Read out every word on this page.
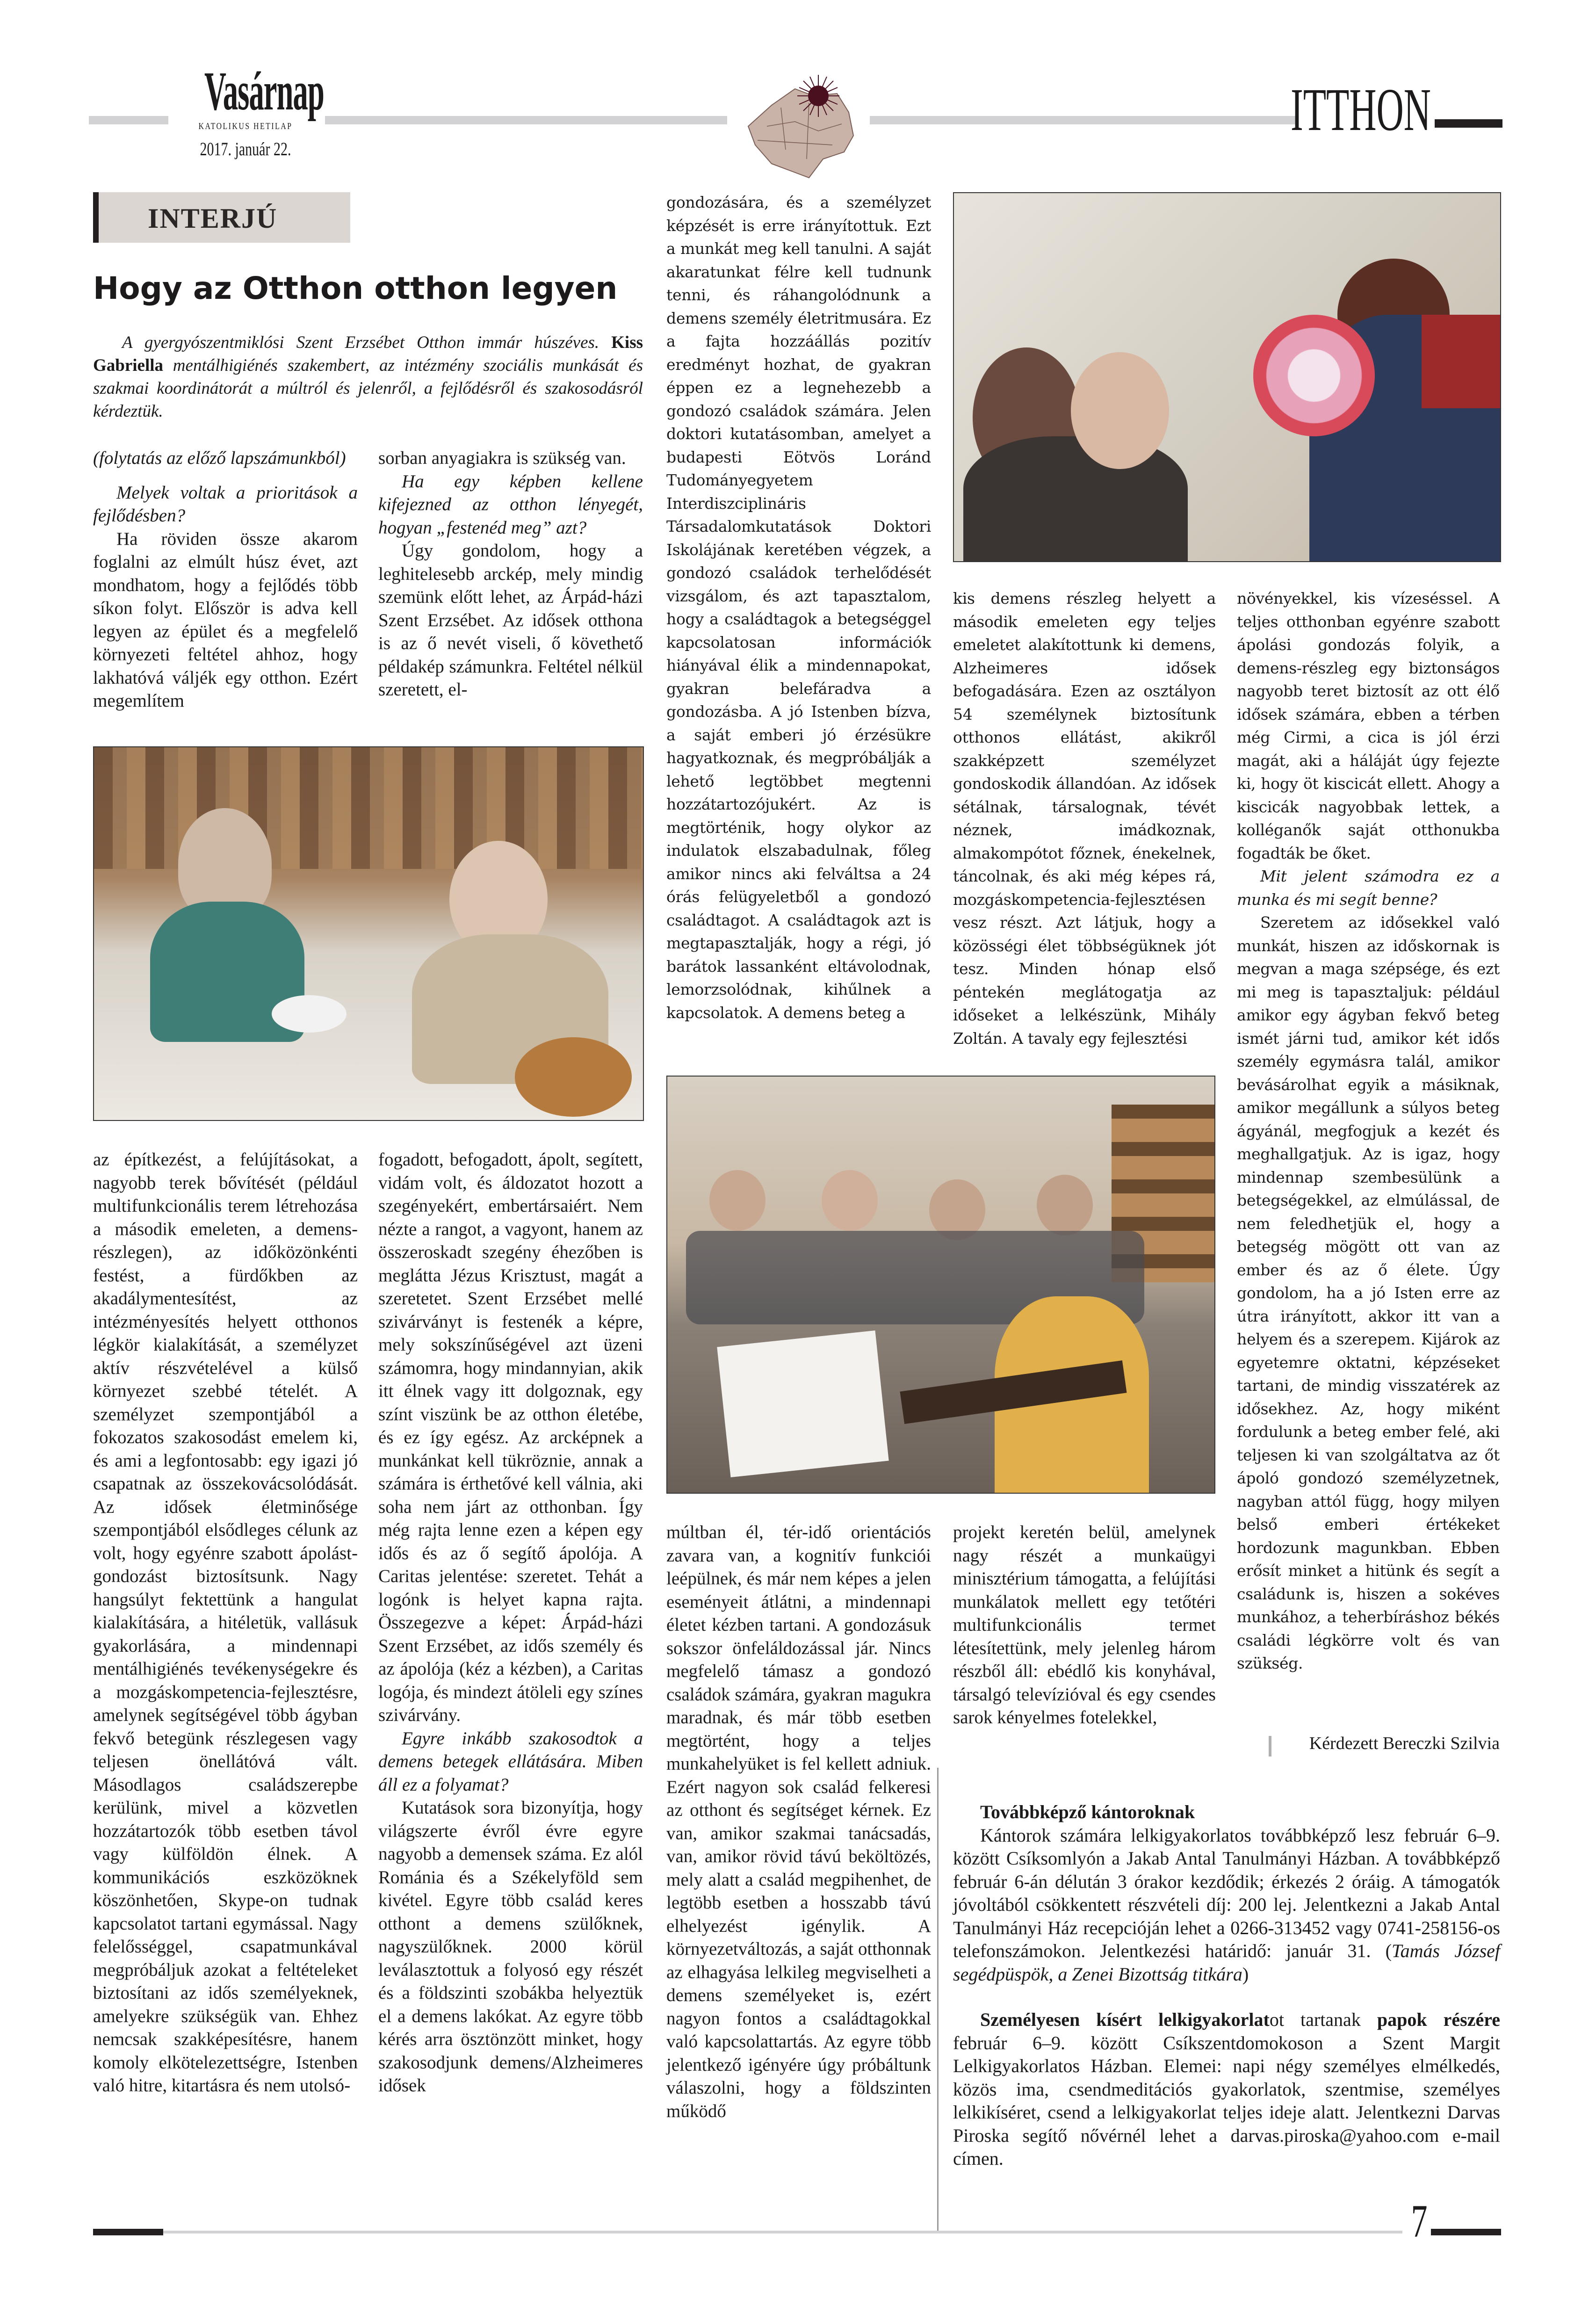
Vasárnap
KATOLIKUS HETILAP
2017. január 22.
ITTHON
INTERJÚ
Hogy az Otthon otthon legyen
A gyergyószentmiklósi Szent Erzsébet Otthon immár húszéves. Kiss Gabriella mentálhigiénés szakembert, az intézmény szociális munkását és szakmai koordinátorát a múltról és jelenről, a fejlődésről és szakosodásról kérdeztük.

(folytatás az előző lapszámunkból)

Melyek voltak a prioritások a fejlődésben?

Ha röviden össze akarom foglalni az elmúlt húsz évet, azt mondhatom, hogy a fejlődés több síkon folyt. Először is adva kell legyen az épület és a megfelelő környezeti feltétel ahhoz, hogy lakhatóvá váljék egy otthon. Ezért megemlítem

sorban anyagiakra is szükség van.

Ha egy képben kellene kifejezned az otthon lényegét, hogyan „festenéd meg” azt?

Úgy gondolom, hogy a leghitelesebb arckép, mely mindig szemünk előtt lehet, az Árpád-házi Szent Erzsébet. Az idősek otthona is az ő nevét viseli, ő követhető példakép számunkra. Feltétel nélkül szeretett, el-

az építkezést, a felújításokat, a nagyobb terek bővítését (például multifunkcionális terem létrehozása a második emeleten, a demens-részlegen), az időközönkénti festést, a fürdőkben az akadálymentesítést, az intézményesítés helyett otthonos légkör kialakítását, a személyzet aktív részvételével a külső környezet szebbé tételét. A személyzet szempontjából a fokozatos szakosodást emelem ki, és ami a legfontosabb: egy igazi jó csapatnak az összekovácsolódását. Az idősek életminősége szempontjából elsődleges célunk az volt, hogy egyénre szabott ápolást-gondozást biztosítsunk. Nagy hangsúlyt fektettünk a hangulat kialakítására, a hitéletük, vallásuk gyakorlására, a mindennapi mentálhigiénés tevékenységekre és a mozgáskompetencia-fejlesztésre, amelynek segítségével több ágyban fekvő betegünk részlegesen vagy teljesen önellátóvá vált. Másodlagos családszerepbe kerülünk, mivel a közvetlen hozzátartozók több esetben távol vagy külföldön élnek. A kommunikációs eszközöknek köszönhetően, Skype-on tudnak kapcsolatot tartani egymással. Nagy felelősséggel, csapatmunkával megpróbáljuk azokat a feltételeket biztosítani az idős személyeknek, amelyekre szükségük van. Ehhez nemcsak szakképesítésre, hanem komoly elkötelezettségre, Istenben való hitre, kitartásra és nem utolsó-

fogadott, befogadott, ápolt, segített, vidám volt, és áldozatot hozott a szegényekért, embertársaiért. Nem nézte a rangot, a vagyont, hanem az összeroskadt szegény éhezőben is meglátta Jézus Krisztust, magát a szeretetet. Szent Erzsébet mellé szivárványt is festenék a képre, mely sokszínűségével azt üzeni számomra, hogy mindannyian, akik itt élnek vagy itt dolgoznak, egy színt viszünk be az otthon életébe, és ez így egész. Az arcképnek a munkánkat kell tükröznie, annak a számára is érthetővé kell válnia, aki soha nem járt az otthonban. Így még rajta lenne ezen a képen egy idős és az ő segítő ápolója. A Caritas jelentése: szeretet. Tehát a logónk is helyet kapna rajta. Összegezve a képet: Árpád-házi Szent Erzsébet, az idős személy és az ápolója (kéz a kézben), a Caritas logója, és mindezt átöleli egy színes szivárvány.

Egyre inkább szakosodtok a demens betegek ellátására. Miben áll ez a folyamat?

Kutatások sora bizonyítja, hogy világszerte évről évre egyre nagyobb a demensek száma. Ez alól Románia és a Székelyföld sem kivétel. Egyre több család keres otthont a demens szülőknek, nagyszülőknek. 2000 körül leválasztottuk a folyosó egy részét és a földszinti szobákba helyeztük el a demens lakókat. Az egyre több kérés arra ösztönzött minket, hogy szakosodjunk demens/Alzheimeres idősek

gondozására, és a személyzet képzését is erre irányítottuk. Ezt a munkát meg kell tanulni. A saját akaratunkat félre kell tudnunk tenni, és ráhangolódnunk a demens személy életritmusára. Ez a fajta hozzáállás pozitív eredményt hozhat, de gyakran éppen ez a legnehezebb a gondozó családok számára. Jelen doktori kutatásomban, amelyet a budapesti Eötvös Loránd Tudományegyetem Interdiszciplináris Társadalomkutatások Doktori Iskolájának keretében végzek, a gondozó családok terhelődését vizsgálom, és azt tapasztalom, hogy a családtagok a betegséggel kapcsolatosan információk hiányával élik a mindennapokat, gyakran belefáradva a gondozásba. A jó Istenben bízva, a saját emberi jó érzésükre hagyatkoznak, és megpróbálják a lehető legtöbbet megtenni hozzátartozójukért. Az is megtörténik, hogy olykor az indulatok elszabadulnak, főleg amikor nincs aki felváltsa a 24 órás felügyeletből a gondozó családtagot. A családtagok azt is megtapasztalják, hogy a régi, jó barátok lassanként eltávolodnak, lemorzsolódnak, kihűlnek a kapcsolatok. A demens beteg a

kis demens részleg helyett a második emeleten egy teljes emeletet alakítottunk ki demens, Alzheimeres idősek befogadására. Ezen az osztályon 54 személynek biztosítunk otthonos ellátást, akikről szakképzett személyzet gondoskodik állandóan. Az idősek sétálnak, társalognak, tévét néznek, imádkoznak, almakompótot főznek, énekelnek, táncolnak, és aki még képes rá, mozgáskompetencia-fejlesztésen vesz részt. Azt látjuk, hogy a közösségi élet többségüknek jót tesz. Minden hónap első péntekén meglátogatja az időseket a lelkészünk, Mihály Zoltán. A tavaly egy fejlesztési

növényekkel, kis vízeséssel. A teljes otthonban egyénre szabott ápolási gondozás folyik, a demens-részleg egy biztonságos nagyobb teret biztosít az ott élő idősek számára, ebben a térben még Cirmi, a cica is jól érzi magát, aki a háláját úgy fejezte ki, hogy öt kiscicát ellett. Ahogy a kiscicák nagyobbak lettek, a kolléganők saját otthonukba fogadták be őket.

Mit jelent számodra ez a munka és mi segít benne?

Szeretem az idősekkel való munkát, hiszen az időskornak is megvan a maga szépsége, és ezt mi meg is tapasztaljuk: például amikor egy ágyban fekvő beteg ismét járni tud, amikor két idős személy egymásra talál, amikor bevásárolhat egyik a másiknak, amikor megállunk a súlyos beteg ágyánál, megfogjuk a kezét és meghallgatjuk. Az is igaz, hogy mindennap szembesülünk a betegségekkel, az elmúlással, de nem feledhetjük el, hogy a betegség mögött ott van az ember és az ő élete. Úgy gondolom, ha a jó Isten erre az útra irányított, akkor itt van a helyem és a szerepem. Kijárok az egyetemre oktatni, képzéseket tartani, de mindig visszatérek az idősekhez. Az, hogy miként fordulunk a beteg ember felé, aki teljesen ki van szolgáltatva az őt ápoló gondozó személyzetnek, nagyban attól függ, hogy milyen belső emberi értékeket hordozunk magunkban. Ebben erősít minket a hitünk és segít a családunk is, hiszen a sokéves munkához, a teherbíráshoz békés családi légkörre volt és van szükség.

múltban él, tér-idő orientációs zavara van, a kognitív funkciói leépülnek, és már nem képes a jelen eseményeit átlátni, a mindennapi életet kézben tartani. A gondozásuk sokszor önfeláldozással jár. Nincs megfelelő támasz a gondozó családok számára, gyakran magukra maradnak, és már több esetben megtörtént, hogy a teljes munkahelyüket is fel kellett adniuk. Ezért nagyon sok család felkeresi az otthont és segítséget kérnek. Ez van, amikor szakmai tanácsadás, van, amikor rövid távú beköltözés, mely alatt a család megpihenhet, de legtöbb esetben a hosszabb távú elhelyezést igénylik. A környezetváltozás, a saját otthonnak az elhagyása lelkileg megviselheti a demens személyeket is, ezért nagyon fontos a családtagokkal való kapcsolattartás. Az egyre több jelentkező igényére úgy próbáltunk válaszolni, hogy a földszinten működő

projekt keretén belül, amelynek nagy részét a munkaügyi minisztérium támogatta, a felújítási munkálatok mellett egy tetőtéri multifunkcionális termet létesítettünk, mely jelenleg három részből áll: ebédlő kis konyhával, társalgó televízióval és egy csendes sarok kényelmes fotelekkel,

Kérdezett Bereczki Szilvia

Továbbképző kántoroknak
Kántorok számára lelkigyakorlatos továbbképző lesz február 6–9. között Csíksomlyón a Jakab Antal Tanulmányi Házban. A továbbképző február 6-án délután 3 órakor kezdődik; érkezés 2 óráig. A támogatók jóvoltából csökkentett részvételi díj: 200 lej. Jelentkezni a Jakab Antal Tanulmányi Ház recepcióján lehet a 0266-313452 vagy 0741-258156-os telefonszámokon. Jelentkezési határidő: január 31. (Tamás József segédpüspök, a Zenei Bizottság titkára)

Személyesen kísért lelkigyakorlatot tartanak papok részére február 6–9. között Csíkszentdomokoson a Szent Margit Lelkigyakorlatos Házban. Elemei: napi négy személyes elmélkedés, közös ima, csendmeditációs gyakorlatok, szentmise, személyes lelkikíséret, csend a lelkigyakorlat teljes ideje alatt. Jelentkezni Darvas Piroska segítő nővérnél lehet a darvas.piroska@yahoo.com e-mail címen.

7
